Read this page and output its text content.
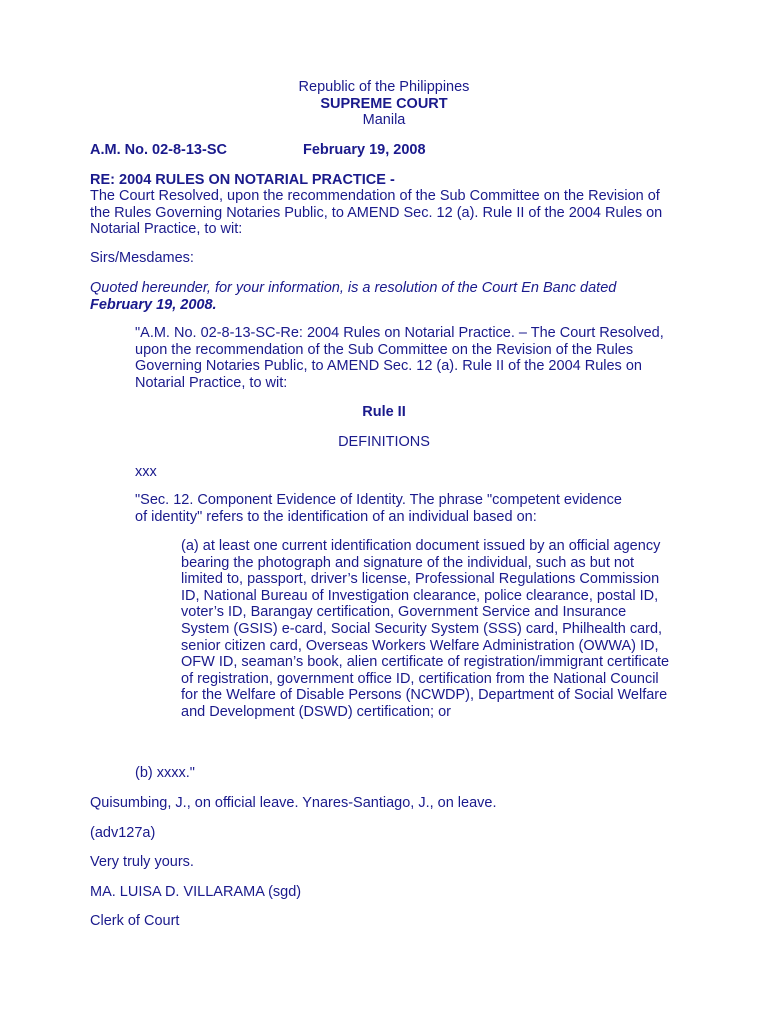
Republic of the Philippines
SUPREME COURT
Manila
A.M. No. 02-8-13-SC	February 19, 2008
RE: 2004 RULES ON NOTARIAL PRACTICE -
The Court Resolved, upon the recommendation of the Sub Committee on the Revision of the Rules Governing Notaries Public, to AMEND Sec. 12 (a). Rule II of the 2004 Rules on Notarial Practice, to wit:
Sirs/Mesdames:
Quoted hereunder, for your information, is a resolution of the Court En Banc dated February 19, 2008.
"A.M. No. 02-8-13-SC-Re: 2004 Rules on Notarial Practice. – The Court Resolved, upon the recommendation of the Sub Committee on the Revision of the Rules Governing Notaries Public, to AMEND Sec. 12 (a). Rule II of the 2004 Rules on Notarial Practice, to wit:
Rule II
DEFINITIONS
xxx
"Sec. 12. Component Evidence of Identity. The phrase "competent evidence of identity" refers to the identification of an individual based on:
(a) at least one current identification document issued by an official agency bearing the photograph and signature of the individual, such as but not limited to, passport, driver’s license, Professional Regulations Commission ID, National Bureau of Investigation clearance, police clearance, postal ID, voter’s ID, Barangay certification, Government Service and Insurance System (GSIS) e-card, Social Security System (SSS) card, Philhealth card, senior citizen card, Overseas Workers Welfare Administration (OWWA) ID, OFW ID, seaman’s book, alien certificate of registration/immigrant certificate of registration, government office ID, certification from the National Council for the Welfare of Disable Persons (NCWDP), Department of Social Welfare and Development (DSWD) certification; or
(b) xxxx."
Quisumbing, J., on official leave. Ynares-Santiago, J., on leave.
(adv127a)
Very truly yours.
MA. LUISA D. VILLARAMA (sgd)
Clerk of Court
